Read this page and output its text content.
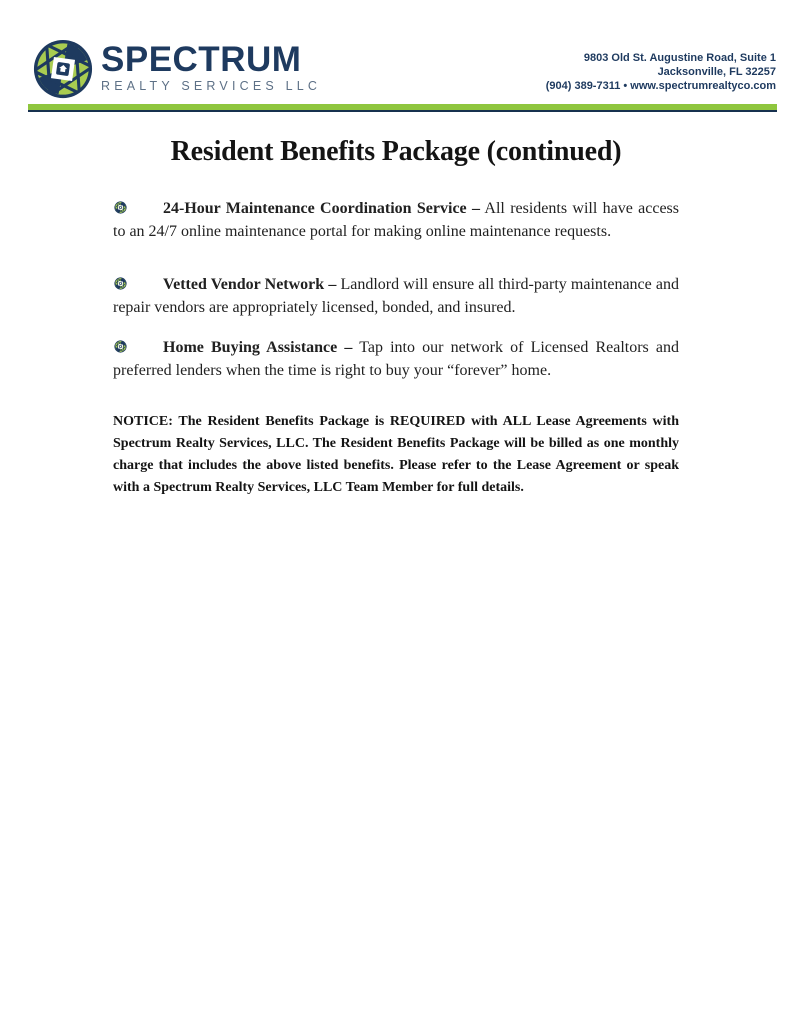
SPECTRUM
REALTY SERVICES LLC
9803 Old St. Augustine Road, Suite 1
Jacksonville, FL 32257
(904) 389-7311 • www.spectrumrealtyco.com
Resident Benefits Package (continued)

24-Hour Maintenance Coordination Service – All residents will have access to an 24/7 online maintenance portal for making online maintenance requests.

Vetted Vendor Network – Landlord will ensure all third-party maintenance and repair vendors are appropriately licensed, bonded, and insured.

Home Buying Assistance – Tap into our network of Licensed Realtors and preferred lenders when the time is right to buy your “forever” home.

NOTICE: The Resident Benefits Package is REQUIRED with ALL Lease Agreements with Spectrum Realty Services, LLC. The Resident Benefits Package will be billed as one monthly charge that includes the above listed benefits. Please refer to the Lease Agreement or speak with a Spectrum Realty Services, LLC Team Member for full details.
